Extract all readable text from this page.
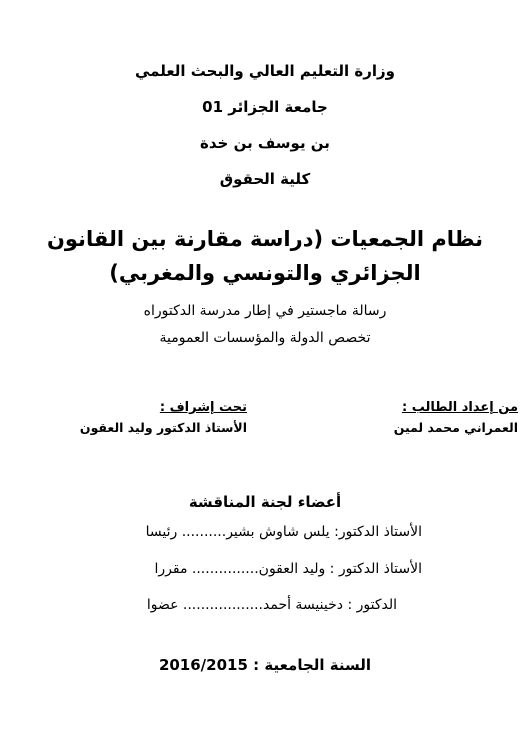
وزارة التعليم العالي والبحث العلمي
جامعة الجزائر 01
بن يوسف بن خدة
كلية الحقوق
نظام الجمعيات (دراسة مقارنة بين القانون
الجزائري والتونسي والمغربي)
رسالة ماجستير في إطار مدرسة الدكتوراه
تخصص الدولة والمؤسسات العمومية
من إعداد الطالب :
العمراني محمد لمين
تحت إشراف :
الأستاذ الدكتور وليد العقون
أعضاء لجنة المناقشة
الأستاذ الدكتور: يلس شاوش بشير.......... رئيسا
الأستاذ الدكتور : وليد العقون............... مقررا
الدكتور : دخينيسة أحمد.................. عضوا
السنة الجامعية : 2016/2015
